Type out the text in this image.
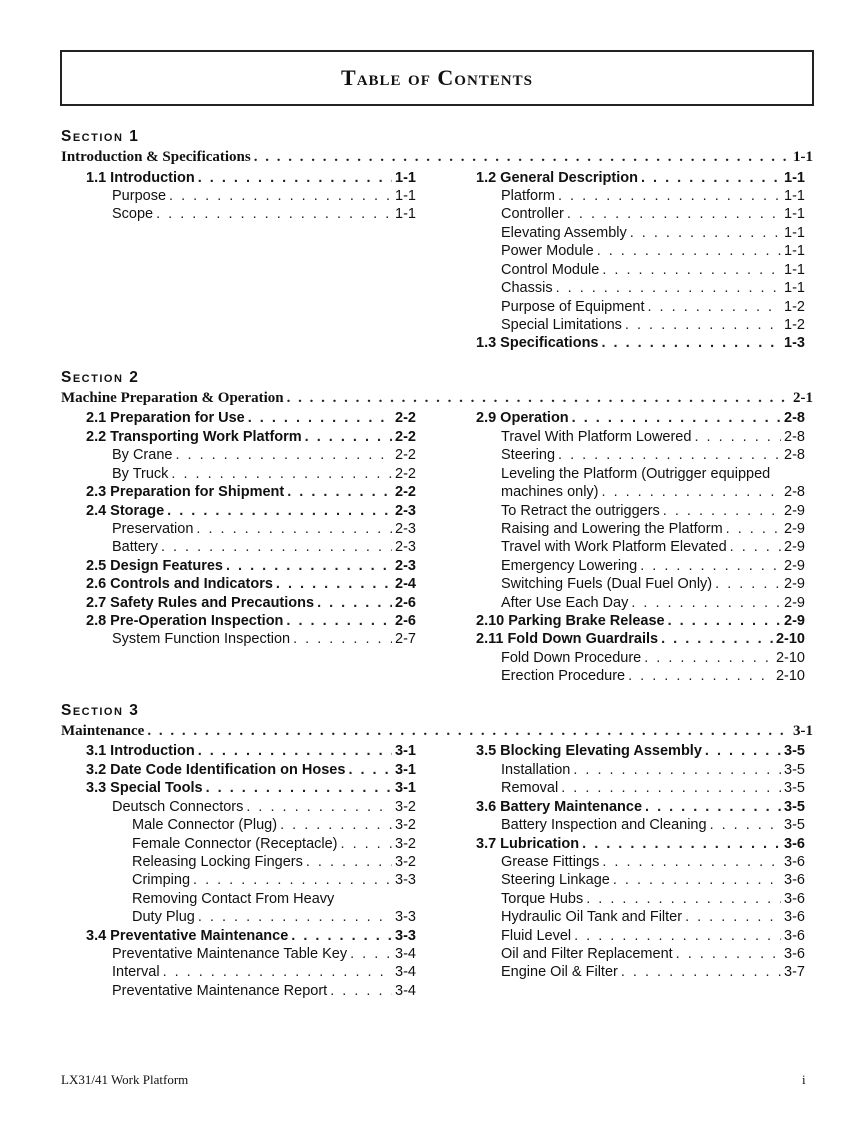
Table of Contents
Section 1
Introduction & Specifications . . .	1-1
1.1 Introduction . . .	1-1
Purpose . . .	1-1
Scope . . .	1-1
1.2 General Description . . .	1-1
Platform . . .	1-1
Controller . . .	1-1
Elevating Assembly . . .	1-1
Power Module . . .	1-1
Control Module . . .	1-1
Chassis . . .	1-1
Purpose of Equipment . . .	1-2
Special Limitations . . .	1-2
1.3 Specifications . . .	1-3
Section 2
Machine Preparation & Operation . . .	2-1
2.1 Preparation for Use . . .	2-2
2.2 Transporting Work Platform . . .	2-2
By Crane . . .	2-2
By Truck . . .	2-2
2.3 Preparation for Shipment . . .	2-2
2.4 Storage . . .	2-3
Preservation . . .	2-3
Battery . . .	2-3
2.5 Design Features . . .	2-3
2.6 Controls and Indicators . . .	2-4
2.7 Safety Rules and Precautions . . .	2-6
2.8 Pre-Operation Inspection . . .	2-6
System Function Inspection . . .	2-7
2.9 Operation . . .	2-8
Travel With Platform Lowered . . .	2-8
Steering . . .	2-8
Leveling the Platform (Outrigger equipped
machines only) . . .	2-8
To Retract the outriggers . . .	2-9
Raising and Lowering the Platform . . .	2-9
Travel with Work Platform Elevated . . .	2-9
Emergency Lowering . . .	2-9
Switching Fuels (Dual Fuel Only) . . .	2-9
After Use Each Day . . .	2-9
2.10 Parking Brake Release . . .	2-9
2.11 Fold Down Guardrails . . .	2-10
Fold Down Procedure . . .	2-10
Erection Procedure . . .	2-10
Section 3
Maintenance . . .	3-1
3.1 Introduction . . .	3-1
3.2 Date Code Identification on Hoses . . .	3-1
3.3 Special Tools . . .	3-1
Deutsch Connectors . . .	3-2
Male Connector (Plug) . . .	3-2
Female Connector (Receptacle) . . .	3-2
Releasing Locking Fingers . . .	3-2
Crimping . . .	3-3
Removing Contact From Heavy
Duty Plug . . .	3-3
3.4 Preventative Maintenance . . .	3-3
Preventative Maintenance Table Key . . .	3-4
Interval . . .	3-4
Preventative Maintenance Report . . .	3-4
3.5 Blocking Elevating Assembly . . .	3-5
Installation . . .	3-5
Removal . . .	3-5
3.6 Battery Maintenance . . .	3-5
Battery Inspection and Cleaning . . .	3-5
3.7 Lubrication . . .	3-6
Grease Fittings . . .	3-6
Steering Linkage . . .	3-6
Torque Hubs . . .	3-6
Hydraulic Oil Tank and Filter . . .	3-6
Fluid Level . . .	3-6
Oil and Filter Replacement . . .	3-6
Engine Oil & Filter . . .	3-7
LX31/41 Work Platform	i
